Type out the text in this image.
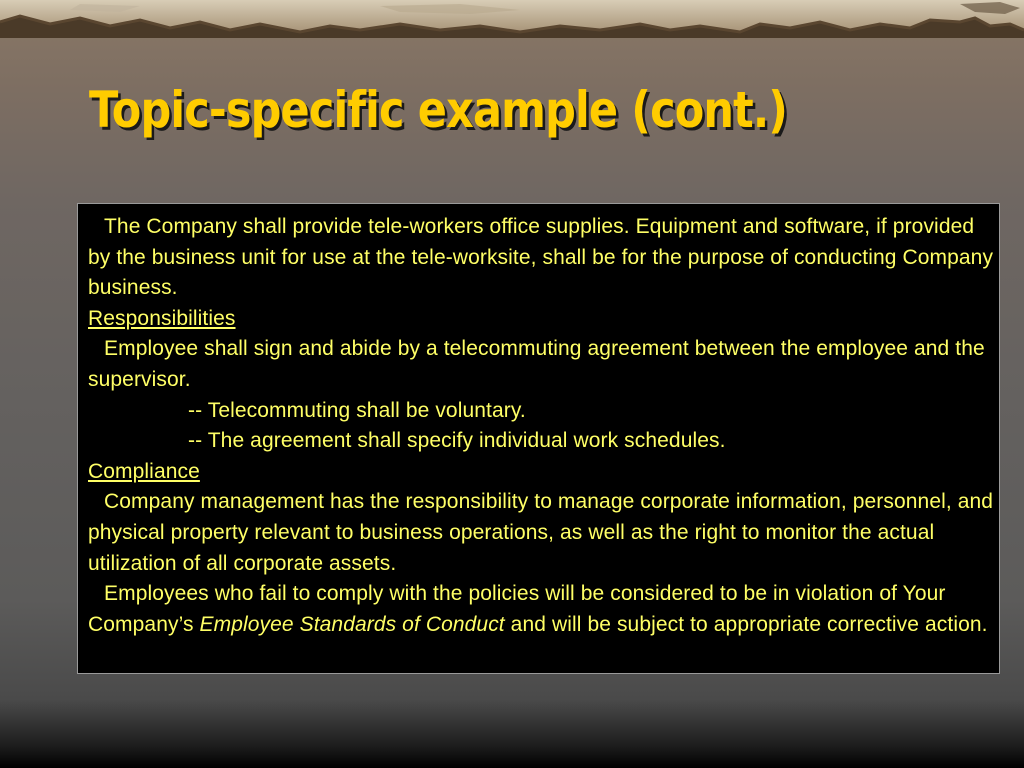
Topic-specific example (cont.)

The Company shall provide tele-workers office supplies. Equipment and software, if provided by the business unit for use at the tele-worksite, shall be for the purpose of conducting Company business.

Responsibilities

Employee shall sign and abide by a telecommuting agreement between the employee and the supervisor.

-- Telecommuting shall be voluntary.

-- The agreement shall specify individual work schedules.

Compliance

Company management has the responsibility to manage corporate information, personnel, and physical property relevant to business operations, as well as the right to monitor the actual utilization of all corporate assets.

Employees who fail to comply with the policies will be considered to be in violation of Your Company’s Employee Standards of Conduct and will be subject to appropriate corrective action.
